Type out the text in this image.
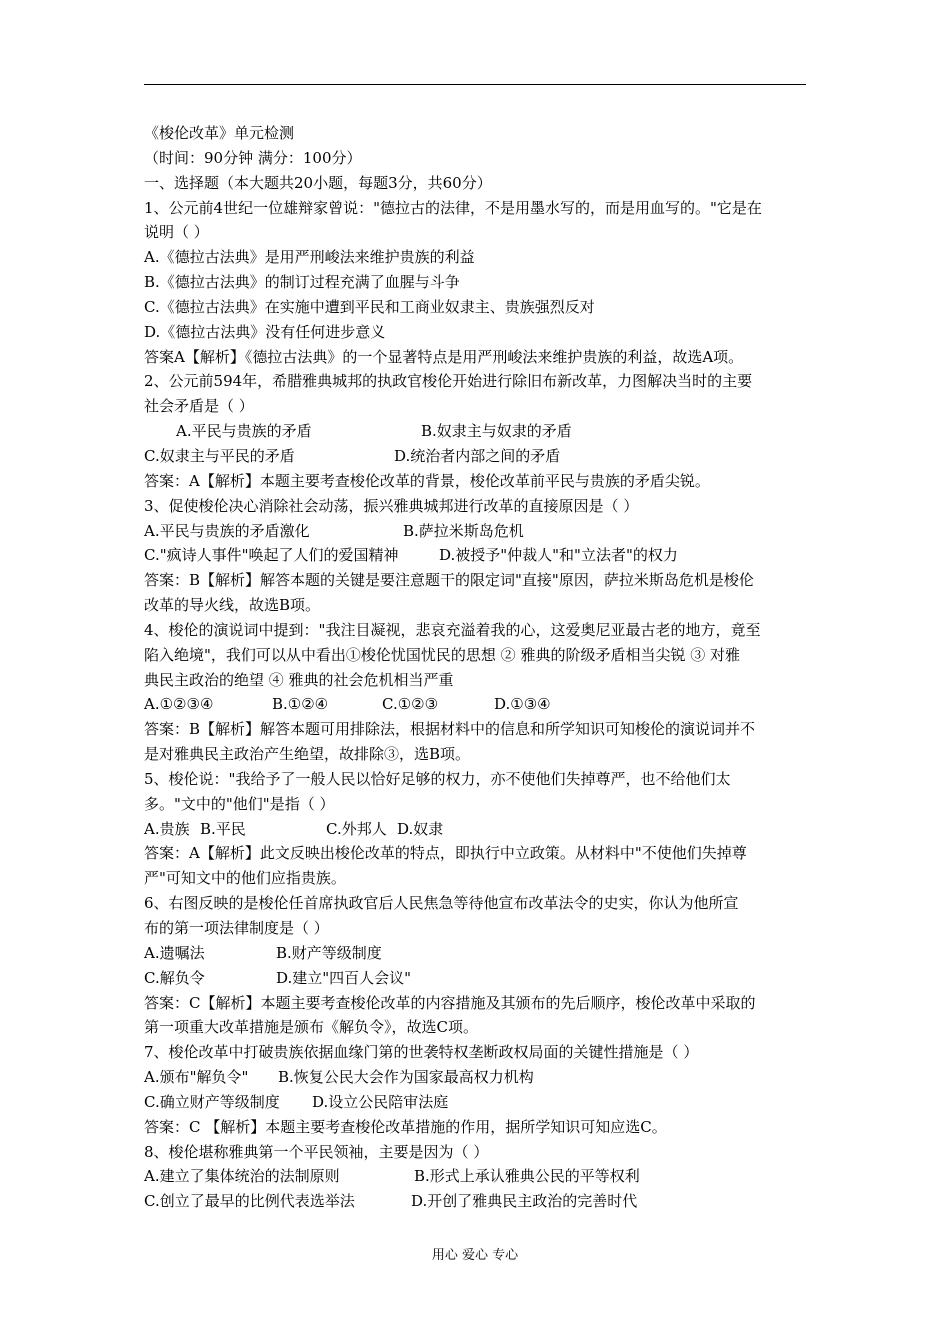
《梭伦改革》单元检测
（时间：90分钟 满分：100分）
一、选择题（本大题共20小题，每题3分，共60分）
1、公元前4世纪一位雄辩家曾说："德拉古的法律，不是用墨水写的，而是用血写的。"它是在
说明（ ）
A.《德拉古法典》是用严刑峻法来维护贵族的利益
B.《德拉古法典》的制订过程充满了血腥与斗争
C.《德拉古法典》在实施中遭到平民和工商业奴隶主、贵族强烈反对
D.《德拉古法典》没有任何进步意义
答案A【解析】《德拉古法典》的一个显著特点是用严刑峻法来维护贵族的利益，故选A项。
2、公元前594年，希腊雅典城邦的执政官梭伦开始进行除旧布新改革，力图解决当时的主要
社会矛盾是（ ）
A.平民与贵族的矛盾	B.奴隶主与奴隶的矛盾
C.奴隶主与平民的矛盾	D.统治者内部之间的矛盾
答案：A【解析】本题主要考查梭伦改革的背景，梭伦改革前平民与贵族的矛盾尖锐。
3、促使梭伦决心消除社会动荡，振兴雅典城邦进行改革的直接原因是（ ）
A.平民与贵族的矛盾激化	B.萨拉米斯岛危机
C."疯诗人事件"唤起了人们的爱国精神	D.被授予"仲裁人"和"立法者"的权力
答案：B【解析】解答本题的关键是要注意题干的限定词"直接"原因，萨拉米斯岛危机是梭伦
改革的导火线，故选B项。
4、梭伦的演说词中提到："我注目凝视，悲哀充溢着我的心，这爱奥尼亚最古老的地方，竟至
陷入绝境"，我们可以从中看出①梭伦忧国忧民的思想 ② 雅典的阶级矛盾相当尖锐 ③ 对雅
典民主政治的绝望 ④ 雅典的社会危机相当严重
A.①②③④	B.①②④	C.①②③	D.①③④
答案：B【解析】解答本题可用排除法，根据材料中的信息和所学知识可知梭伦的演说词并不
是对雅典民主政治产生绝望，故排除③，选B项。
5、梭伦说："我给予了一般人民以恰好足够的权力，亦不使他们失掉尊严，也不给他们太
多。"文中的"他们"是指（ ）
A.贵族 B.平民	C.外邦人 D.奴隶
答案：A【解析】此文反映出梭伦改革的特点，即执行中立政策。从材料中"不使他们失掉尊
严"可知文中的他们应指贵族。
6、右图反映的是梭伦任首席执政官后人民焦急等待他宣布改革法令的史实，你认为他所宣
布的第一项法律制度是（ ）
A.遗嘱法	B.财产等级制度
C.解负令	D.建立"四百人会议"
答案：C【解析】本题主要考查梭伦改革的内容措施及其颁布的先后顺序，梭伦改革中采取的
第一项重大改革措施是颁布《解负令》，故选C项。
7、梭伦改革中打破贵族依据血缘门第的世袭特权垄断政权局面的关键性措施是（ ）
A.颁布"解负令"	B.恢复公民大会作为国家最高权力机构
C.确立财产等级制度	D.设立公民陪审法庭
答案：C 【解析】本题主要考查梭伦改革措施的作用，据所学知识可知应选C。
8、梭伦堪称雅典第一个平民领袖，主要是因为（ ）
A.建立了集体统治的法制原则	B.形式上承认雅典公民的平等权利
C.创立了最早的比例代表选举法	D.开创了雅典民主政治的完善时代
用心 爱心 专心
